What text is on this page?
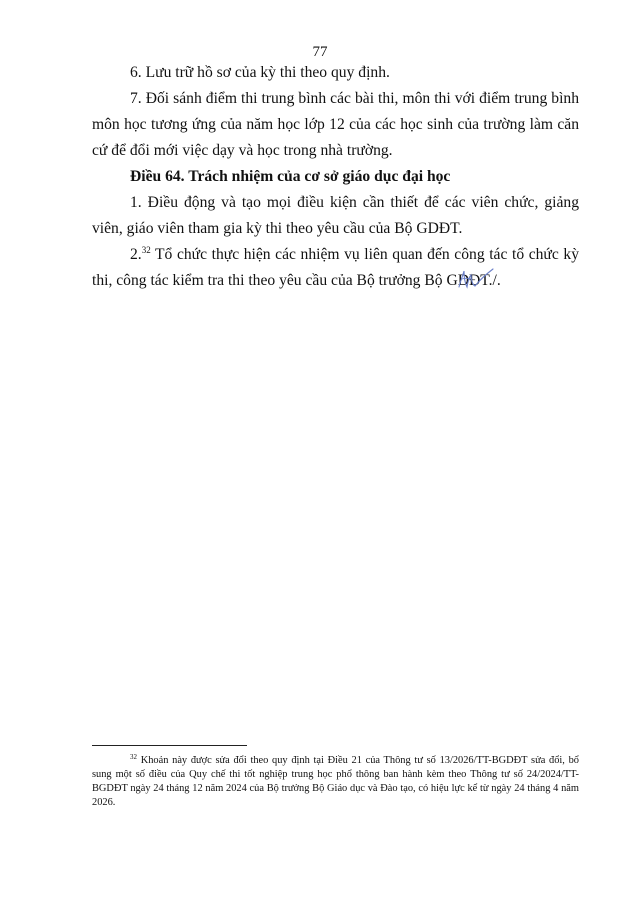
77

6. Lưu trữ hồ sơ của kỳ thi theo quy định.

7. Đối sánh điểm thi trung bình các bài thi, môn thi với điểm trung bình môn học tương ứng của năm học lớp 12 của các học sinh của trường làm căn cứ để đổi mới việc dạy và học trong nhà trường.

Điều 64. Trách nhiệm của cơ sở giáo dục đại học

1. Điều động và tạo mọi điều kiện cần thiết để các viên chức, giảng viên, giáo viên tham gia kỳ thi theo yêu cầu của Bộ GDĐT.

2.32 Tổ chức thực hiện các nhiệm vụ liên quan đến công tác tổ chức kỳ thi, công tác kiểm tra thi theo yêu cầu của Bộ trưởng Bộ GDĐT./.

$^{32}$ Khoản này được sửa đổi theo quy định tại Điều 21 của Thông tư số 13/2026/TT-BGDĐT sửa đổi, bổ sung một số điều của Quy chế thi tốt nghiệp trung học phổ thông ban hành kèm theo Thông tư số 24/2024/TT-BGDĐT ngày 24 tháng 12 năm 2024 của Bộ trưởng Bộ Giáo dục và Đào tạo, có hiệu lực kể từ ngày 24 tháng 4 năm 2026.
